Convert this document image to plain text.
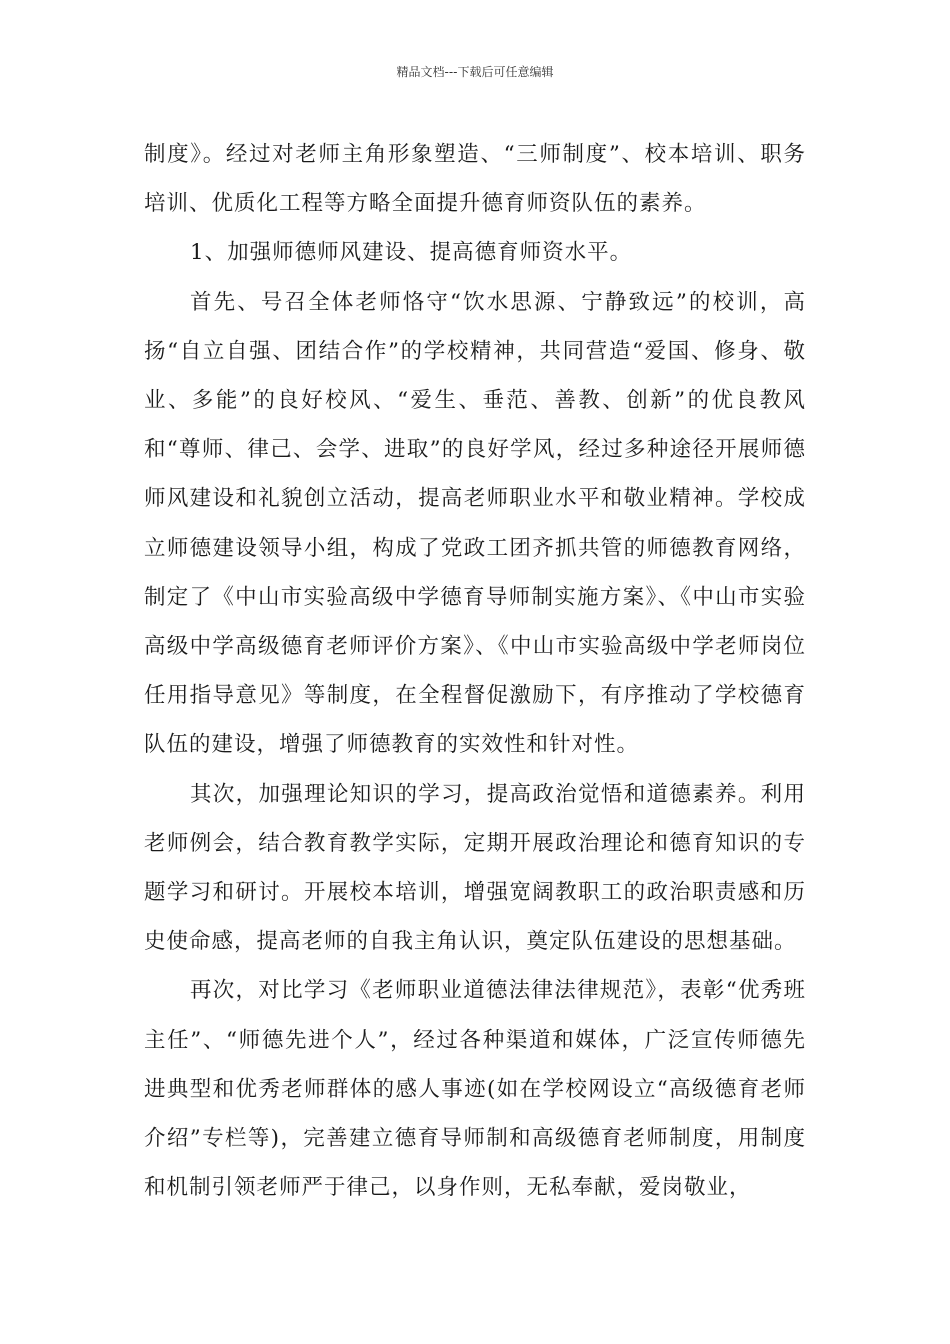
精品文档---下载后可任意编辑

制度》。经过对老师主角形象塑造、“三师制度”、校本培训、职务培训、优质化工程等方略全面提升德育师资队伍的素养。

1、加强师德师风建设、提高德育师资水平。

首先、号召全体老师恪守“饮水思源、宁静致远”的校训，高扬“自立自强、团结合作”的学校精神，共同营造“爱国、修身、敬业、多能”的良好校风、“爱生、垂范、善教、创新”的优良教风和“尊师、律己、会学、进取”的良好学风，经过多种途径开展师德师风建设和礼貌创立活动，提高老师职业水平和敬业精神。学校成立师德建设领导小组，构成了党政工团齐抓共管的师德教育网络，制定了《中山市实验高级中学德育导师制实施方案》、《中山市实验高级中学高级德育老师评价方案》、《中山市实验高级中学老师岗位任用指导意见》等制度，在全程督促激励下，有序推动了学校德育队伍的建设，增强了师德教育的实效性和针对性。

其次，加强理论知识的学习，提高政治觉悟和道德素养。利用老师例会，结合教育教学实际，定期开展政治理论和德育知识的专题学习和研讨。开展校本培训，增强宽阔教职工的政治职责感和历史使命感，提高老师的自我主角认识，奠定队伍建设的思想基础。

再次，对比学习《老师职业道德法律法律规范》，表彰“优秀班主任”、“师德先进个人”，经过各种渠道和媒体，广泛宣传师德先进典型和优秀老师群体的感人事迹(如在学校网设立“高级德育老师介绍”专栏等)，完善建立德育导师制和高级德育老师制度，用制度和机制引领老师严于律己，以身作则，无私奉献，爱岗敬业，
